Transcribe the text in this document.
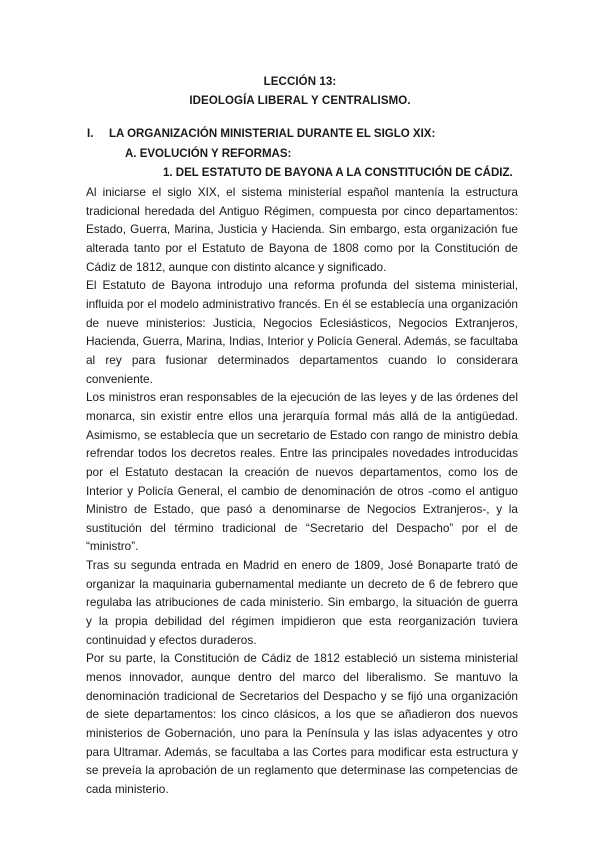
LECCIÓN 13:
IDEOLOGÍA LIBERAL Y CENTRALISMO.
I. LA ORGANIZACIÓN MINISTERIAL DURANTE EL SIGLO XIX:
A. EVOLUCIÓN Y REFORMAS:
1. DEL ESTATUTO DE BAYONA A LA CONSTITUCIÓN DE CÁDIZ.

Al iniciarse el siglo XIX, el sistema ministerial español mantenía la estructura tradicional heredada del Antiguo Régimen, compuesta por cinco departamentos: Estado, Guerra, Marina, Justicia y Hacienda. Sin embargo, esta organización fue alterada tanto por el Estatuto de Bayona de 1808 como por la Constitución de Cádiz de 1812, aunque con distinto alcance y significado.

El Estatuto de Bayona introdujo una reforma profunda del sistema ministerial, influida por el modelo administrativo francés. En él se establecía una organización de nueve ministerios: Justicia, Negocios Eclesiásticos, Negocios Extranjeros, Hacienda, Guerra, Marina, Indias, Interior y Policía General. Además, se facultaba al rey para fusionar determinados departamentos cuando lo considerara conveniente.

Los ministros eran responsables de la ejecución de las leyes y de las órdenes del monarca, sin existir entre ellos una jerarquía formal más allá de la antigüedad. Asimismo, se establecía que un secretario de Estado con rango de ministro debía refrendar todos los decretos reales. Entre las principales novedades introducidas por el Estatuto destacan la creación de nuevos departamentos, como los de Interior y Policía General, el cambio de denominación de otros -como el antiguo Ministro de Estado, que pasó a denominarse de Negocios Extranjeros-, y la sustitución del término tradicional de “Secretario del Despacho” por el de “ministro”.

Tras su segunda entrada en Madrid en enero de 1809, José Bonaparte trató de organizar la maquinaria gubernamental mediante un decreto de 6 de febrero que regulaba las atribuciones de cada ministerio. Sin embargo, la situación de guerra y la propia debilidad del régimen impidieron que esta reorganización tuviera continuidad y efectos duraderos.

Por su parte, la Constitución de Cádiz de 1812 estableció un sistema ministerial menos innovador, aunque dentro del marco del liberalismo. Se mantuvo la denominación tradicional de Secretarios del Despacho y se fijó una organización de siete departamentos: los cinco clásicos, a los que se añadieron dos nuevos ministerios de Gobernación, uno para la Península y las islas adyacentes y otro para Ultramar. Además, se facultaba a las Cortes para modificar esta estructura y se preveía la aprobación de un reglamento que determinase las competencias de cada ministerio.
